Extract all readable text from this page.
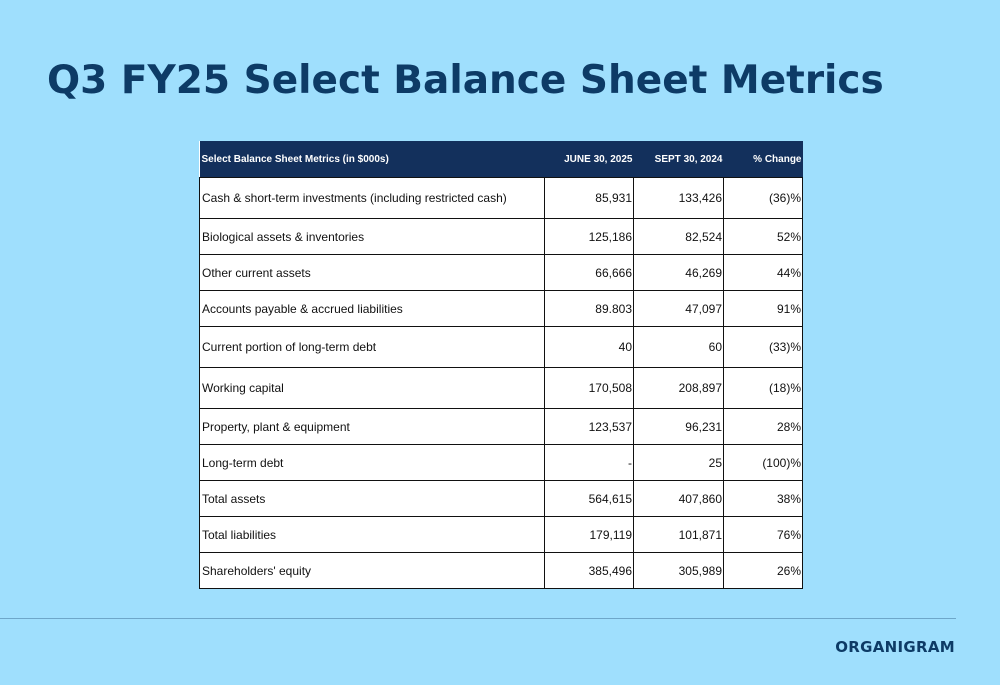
Q3 FY25 Select Balance Sheet Metrics
Select Balance Sheet Metrics (in $000s)	JUNE 30, 2025	SEPT 30, 2024	% Change
Cash & short-term investments (including restricted cash)	85,931	133,426	(36)%
Biological assets & inventories	125,186	82,524	52%
Other current assets	66,666	46,269	44%
Accounts payable & accrued liabilities	89.803	47,097	91%
Current portion of long-term debt	40	60	(33)%
Working capital	170,508	208,897	(18)%
Property, plant & equipment	123,537	96,231	28%
Long-term debt	-	25	(100)%
Total assets	564,615	407,860	38%
Total liabilities	179,119	101,871	76%
Shareholders' equity	385,496	305,989	26%
ORGANIGRAM
